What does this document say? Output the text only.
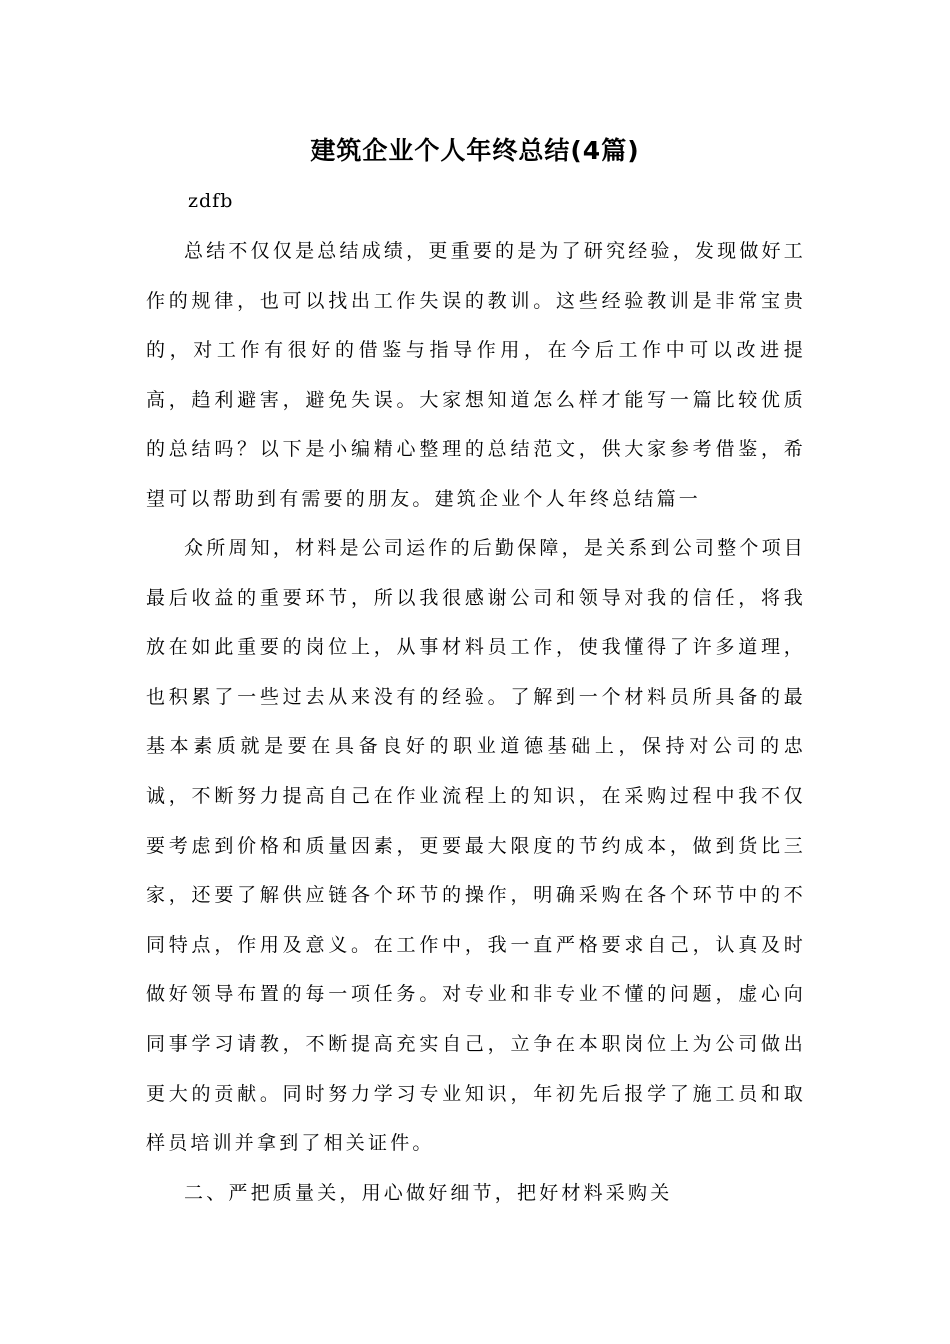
建筑企业个人年终总结(4篇)
zdfb

总结不仅仅是总结成绩，更重要的是为了研究经验，发现做好工作的规律，也可以找出工作失误的教训。这些经验教训是非常宝贵的，对工作有很好的借鉴与指导作用，在今后工作中可以改进提高，趋利避害，避免失误。大家想知道怎么样才能写一篇比较优质的总结吗？以下是小编精心整理的总结范文，供大家参考借鉴，希望可以帮助到有需要的朋友。建筑企业个人年终总结篇一

众所周知，材料是公司运作的后勤保障，是关系到公司整个项目最后收益的重要环节，所以我很感谢公司和领导对我的信任，将我放在如此重要的岗位上，从事材料员工作，使我懂得了许多道理，也积累了一些过去从来没有的经验。了解到一个材料员所具备的最基本素质就是要在具备良好的职业道德基础上，保持对公司的忠诚，不断努力提高自己在作业流程上的知识，在采购过程中我不仅要考虑到价格和质量因素，更要最大限度的节约成本，做到货比三家，还要了解供应链各个环节的操作，明确采购在各个环节中的不同特点，作用及意义。在工作中，我一直严格要求自己，认真及时做好领导布置的每一项任务。对专业和非专业不懂的问题，虚心向同事学习请教，不断提高充实自己，立争在本职岗位上为公司做出更大的贡献。同时努力学习专业知识，年初先后报学了施工员和取样员培训并拿到了相关证件。

二、严把质量关，用心做好细节，把好材料采购关
